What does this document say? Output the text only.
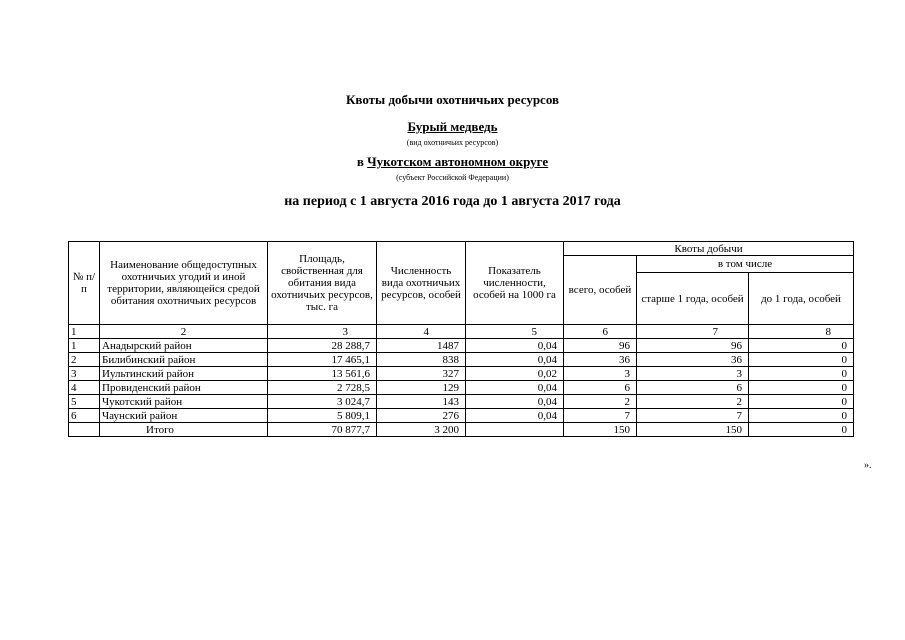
Квоты добычи охотничьих ресурсов
Бурый медведь
(вид охотничьих ресурсов)
в Чукотском автономном округе
(субъект Российской Федерации)
на период с 1 августа 2016 года до 1 августа 2017 года
№ п/п	Наименование общедоступных охотничьих угодий и иной территории, являющейся средой обитания охотничьих ресурсов	Площадь, свойственная для обитания вида охотничьих ресурсов, тыс. га	Численность вида охотничьих ресурсов, особей	Показатель численности, особей на 1000 га	Квоты добычи		
					всего, особей	в том числе	
						старше 1 года, особей	до 1 года, особей
1	2	3	4	5	6	7	8
1	Анадырский район	28 288,7	1487	0,04	96	96	0
2	Билибинский район	17 465,1	838	0,04	36	36	0
3	Иультинский район	13 561,6	327	0,02	3	3	0
4	Провиденский район	2 728,5	129	0,04	6	6	0
5	Чукотский район	3 024,7	143	0,04	2	2	0
6	Чаунский район	5 809,1	276	0,04	7	7	0
	Итого	70 877,7	3 200		150	150	0
».
